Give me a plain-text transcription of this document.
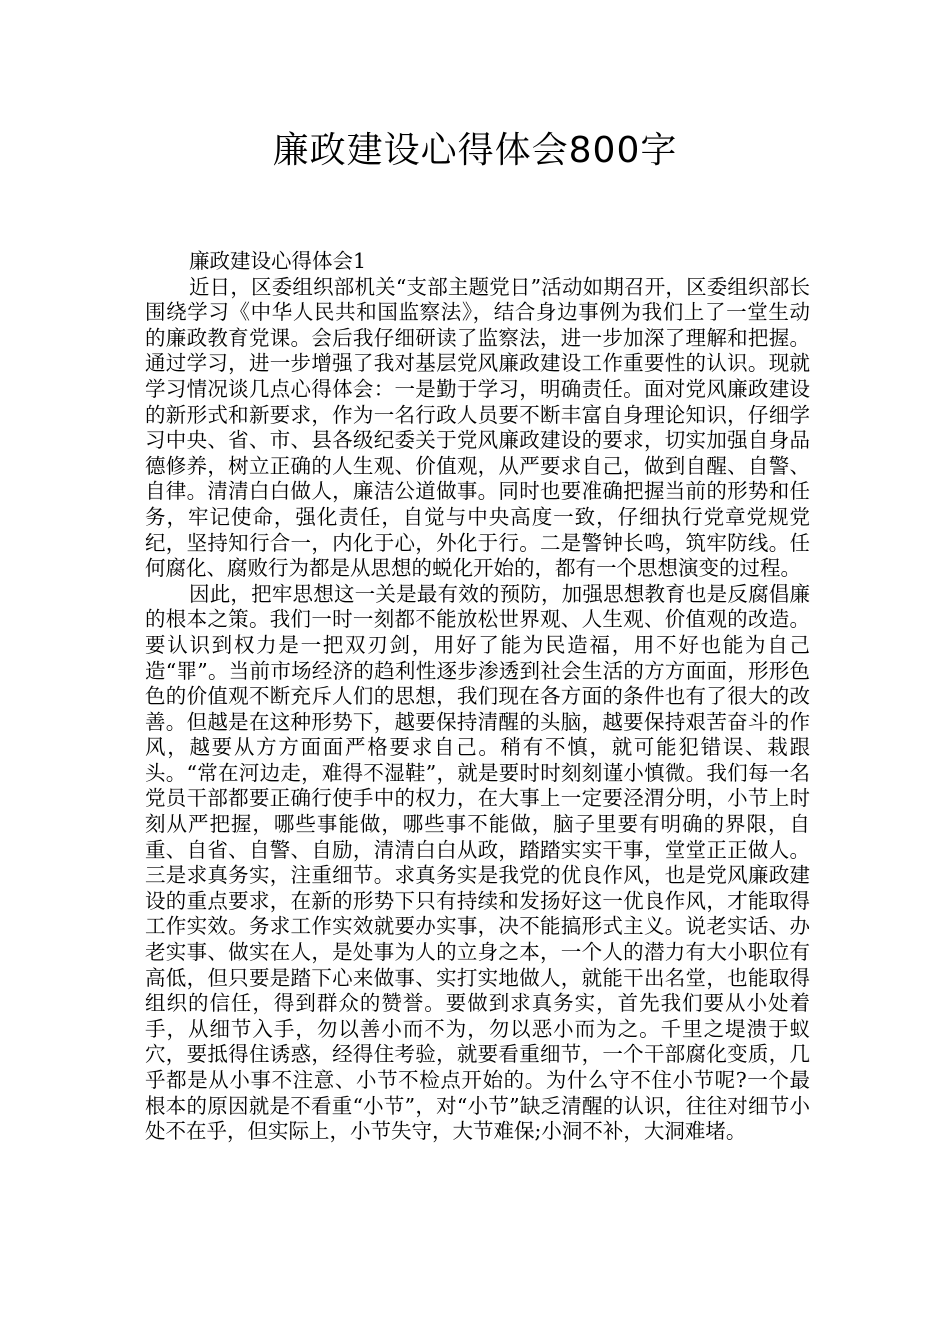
廉政建设心得体会800字

廉政建设心得体会1

近日，区委组织部机关“支部主题党日”活动如期召开，区委组织部长围绕学习《中华人民共和国监察法》，结合身边事例为我们上了一堂生动的廉政教育党课。会后我仔细研读了监察法，进一步加深了理解和把握。通过学习，进一步增强了我对基层党风廉政建设工作重要性的认识。现就学习情况谈几点心得体会：一是勤于学习，明确责任。面对党风廉政建设的新形式和新要求，作为一名行政人员要不断丰富自身理论知识，仔细学习中央、省、市、县各级纪委关于党风廉政建设的要求，切实加强自身品德修养，树立正确的人生观、价值观，从严要求自己，做到自醒、自警、自律。清清白白做人，廉洁公道做事。同时也要准确把握当前的形势和任务，牢记使命，强化责任，自觉与中央高度一致，仔细执行党章党规党纪，坚持知行合一，内化于心，外化于行。二是警钟长鸣，筑牢防线。任何腐化、腐败行为都是从思想的蜕化开始的，都有一个思想演变的过程。

因此，把牢思想这一关是最有效的预防，加强思想教育也是反腐倡廉的根本之策。我们一时一刻都不能放松世界观、人生观、价值观的改造。要认识到权力是一把双刃剑，用好了能为民造福，用不好也能为自己造“罪”。当前市场经济的趋利性逐步渗透到社会生活的方方面面，形形色色的价值观不断充斥人们的思想，我们现在各方面的条件也有了很大的改善。但越是在这种形势下，越要保持清醒的头脑，越要保持艰苦奋斗的作风，越要从方方面面严格要求自己。稍有不慎，就可能犯错误、栽跟头。“常在河边走，难得不湿鞋”，就是要时时刻刻谨小慎微。我们每一名党员干部都要正确行使手中的权力，在大事上一定要泾渭分明，小节上时刻从严把握，哪些事能做，哪些事不能做，脑子里要有明确的界限，自重、自省、自警、自励，清清白白从政，踏踏实实干事，堂堂正正做人。三是求真务实，注重细节。求真务实是我党的优良作风，也是党风廉政建设的重点要求，在新的形势下只有持续和发扬好这一优良作风，才能取得工作实效。务求工作实效就要办实事，决不能搞形式主义。说老实话、办老实事、做实在人，是处事为人的立身之本，一个人的潜力有大小职位有高低，但只要是踏下心来做事、实打实地做人，就能干出名堂，也能取得组织的信任，得到群众的赞誉。要做到求真务实，首先我们要从小处着手，从细节入手，勿以善小而不为，勿以恶小而为之。千里之堤溃于蚁穴，要抵得住诱惑，经得住考验，就要看重细节，一个干部腐化变质，几乎都是从小事不注意、小节不检点开始的。为什么守不住小节呢?一个最根本的原因就是不看重“小节”，对“小节”缺乏清醒的认识，往往对细节小处不在乎，但实际上，小节失守，大节难保;小洞不补，大洞难堵。
